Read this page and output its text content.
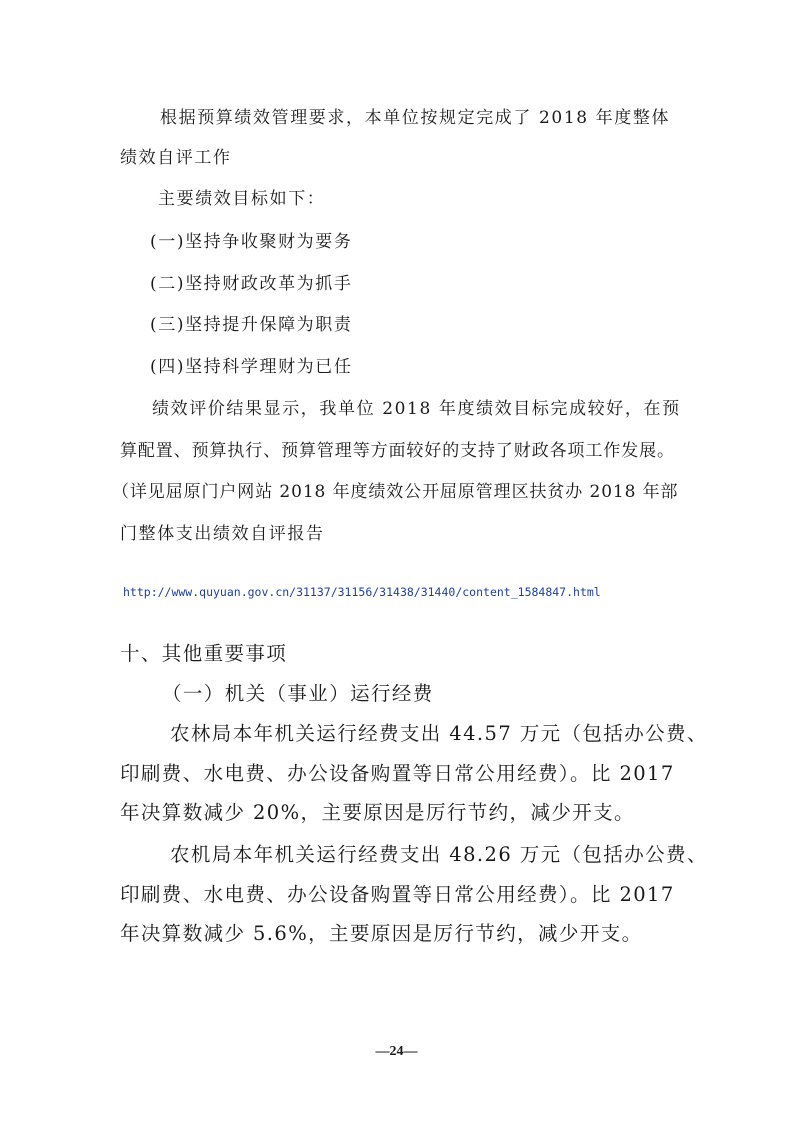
根据预算绩效管理要求，本单位按规定完成了 2018 年度整体
绩效自评工作
主要绩效目标如下：
(一)坚持争收聚财为要务
(二)坚持财政改革为抓手
(三)坚持提升保障为职责
(四)坚持科学理财为已任
绩效评价结果显示，我单位 2018 年度绩效目标完成较好，在预
算配置、预算执行、预算管理等方面较好的支持了财政各项工作发展。
（详见屈原门户网站 2018 年度绩效公开屈原管理区扶贫办 2018 年部
门整体支出绩效自评报告
http://www.quyuan.gov.cn/31137/31156/31438/31440/content_1584847.html
十、其他重要事项
（一）机关（事业）运行经费
农林局本年机关运行经费支出 44.57 万元（包括办公费、
印刷费、水电费、办公设备购置等日常公用经费）。比 2017
年决算数减少 20%，主要原因是厉行节约，减少开支。
农机局本年机关运行经费支出 48.26 万元（包括办公费、
印刷费、水电费、办公设备购置等日常公用经费）。比 2017
年决算数减少 5.6%，主要原因是厉行节约，减少开支。
—24—
